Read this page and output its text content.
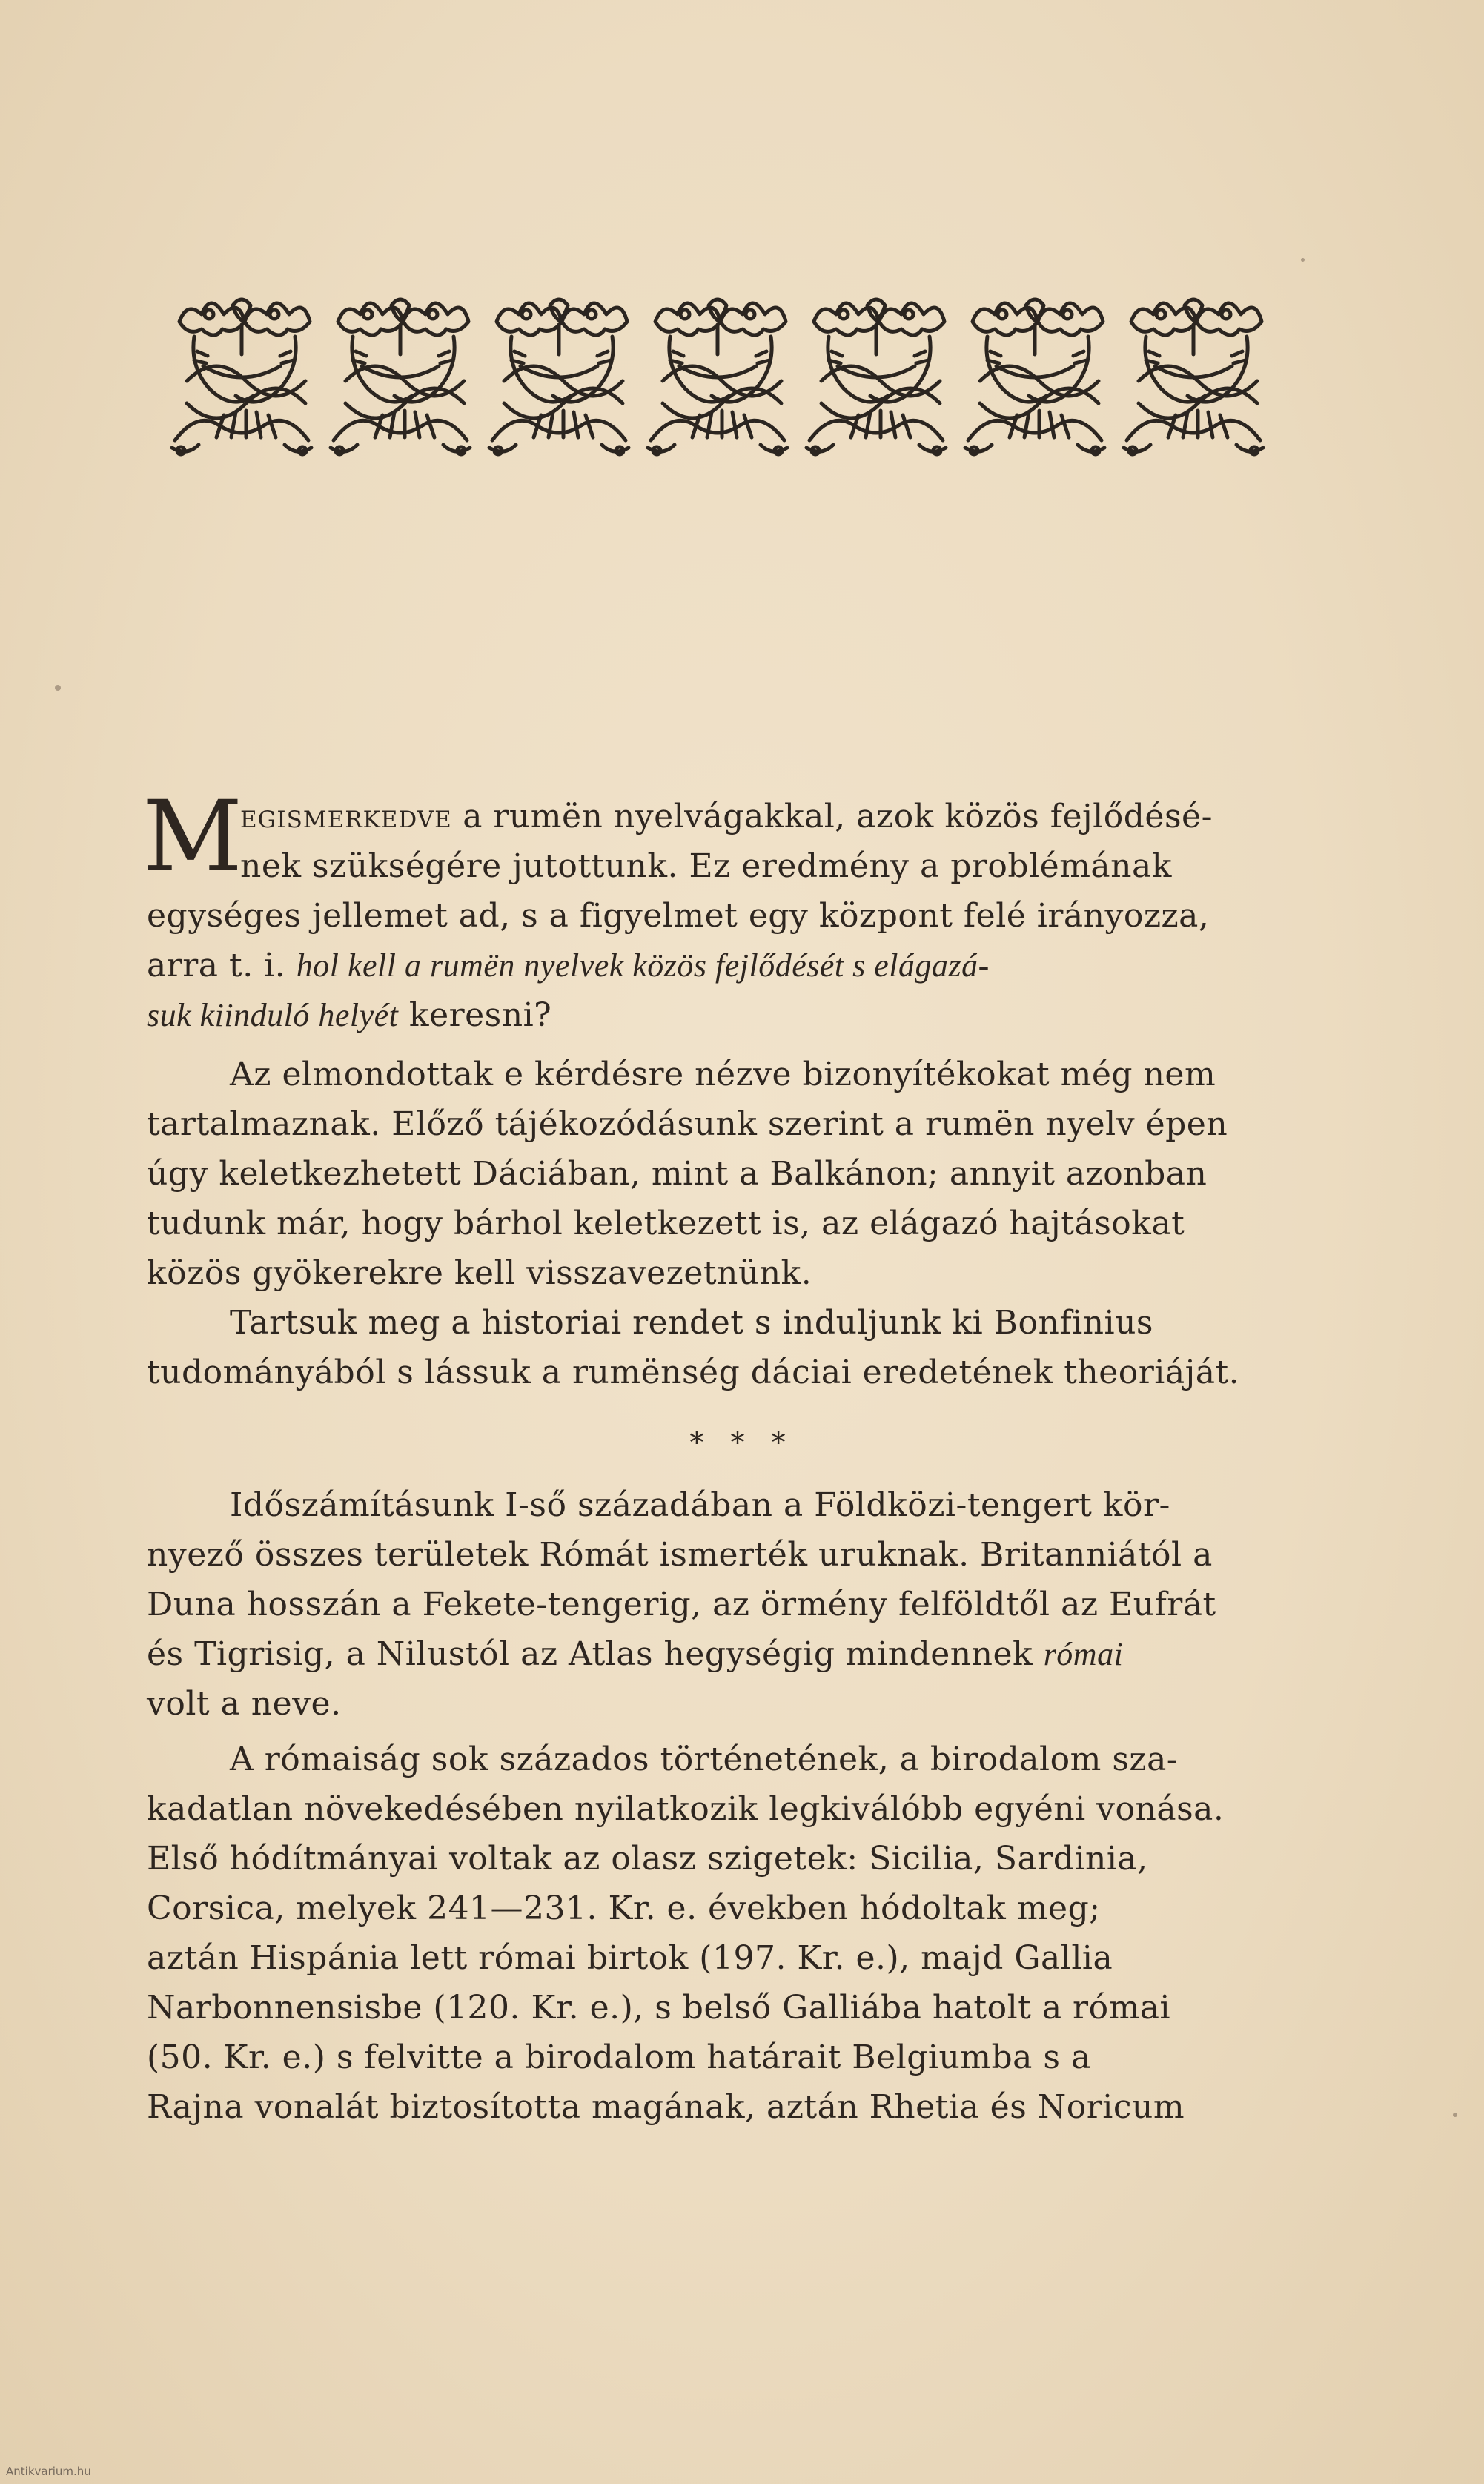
M
egismerkedve a rumën nyelvágakkal, azok közös fejlődésé-

nek szükségére jutottunk. Ez eredmény a problémának

egységes jellemet ad, s a figyelmet egy központ felé irányozza,

arra t. i. hol kell a rumën nyelvek közös fejlődését s elágazá-

suk kiinduló helyét keresni?

Az elmondottak e kérdésre nézve bizonyítékokat még nem

tartalmaznak. Előző tájékozódásunk szerint a rumën nyelv épen

úgy keletkezhetett Dáciában, mint a Balkánon; annyit azonban

tudunk már, hogy bárhol keletkezett is, az elágazó hajtásokat

közös gyökerekre kell visszavezetnünk.

Tartsuk meg a historiai rendet s induljunk ki Bonfinius

tudományából s lássuk a rumënség dáciai eredetének theoriáját.

* * *

Időszámításunk I-ső századában a Földközi-tengert kör-

nyező összes területek Rómát ismerték uruknak. Britanniától a

Duna hosszán a Fekete-tengerig, az örmény felföldtől az Eufrát

és Tigrisig, a Nilustól az Atlas hegységig mindennek római

volt a neve.

A rómaiság sok százados történetének, a birodalom sza-

kadatlan növekedésében nyilatkozik legkiválóbb egyéni vonása.

Első hódítmányai voltak az olasz szigetek: Sicilia, Sardinia,

Corsica, melyek 241—231. Kr. e. években hódoltak meg;

aztán Hispánia lett római birtok (197. Kr. e.), majd Gallia

Narbonnensisbe (120. Kr. e.), s belső Galliába hatolt a római

(50. Kr. e.) s felvitte a birodalom határait Belgiumba s a

Rajna vonalát biztosította magának, aztán Rhetia és Noricum

Antikvarium.hu
